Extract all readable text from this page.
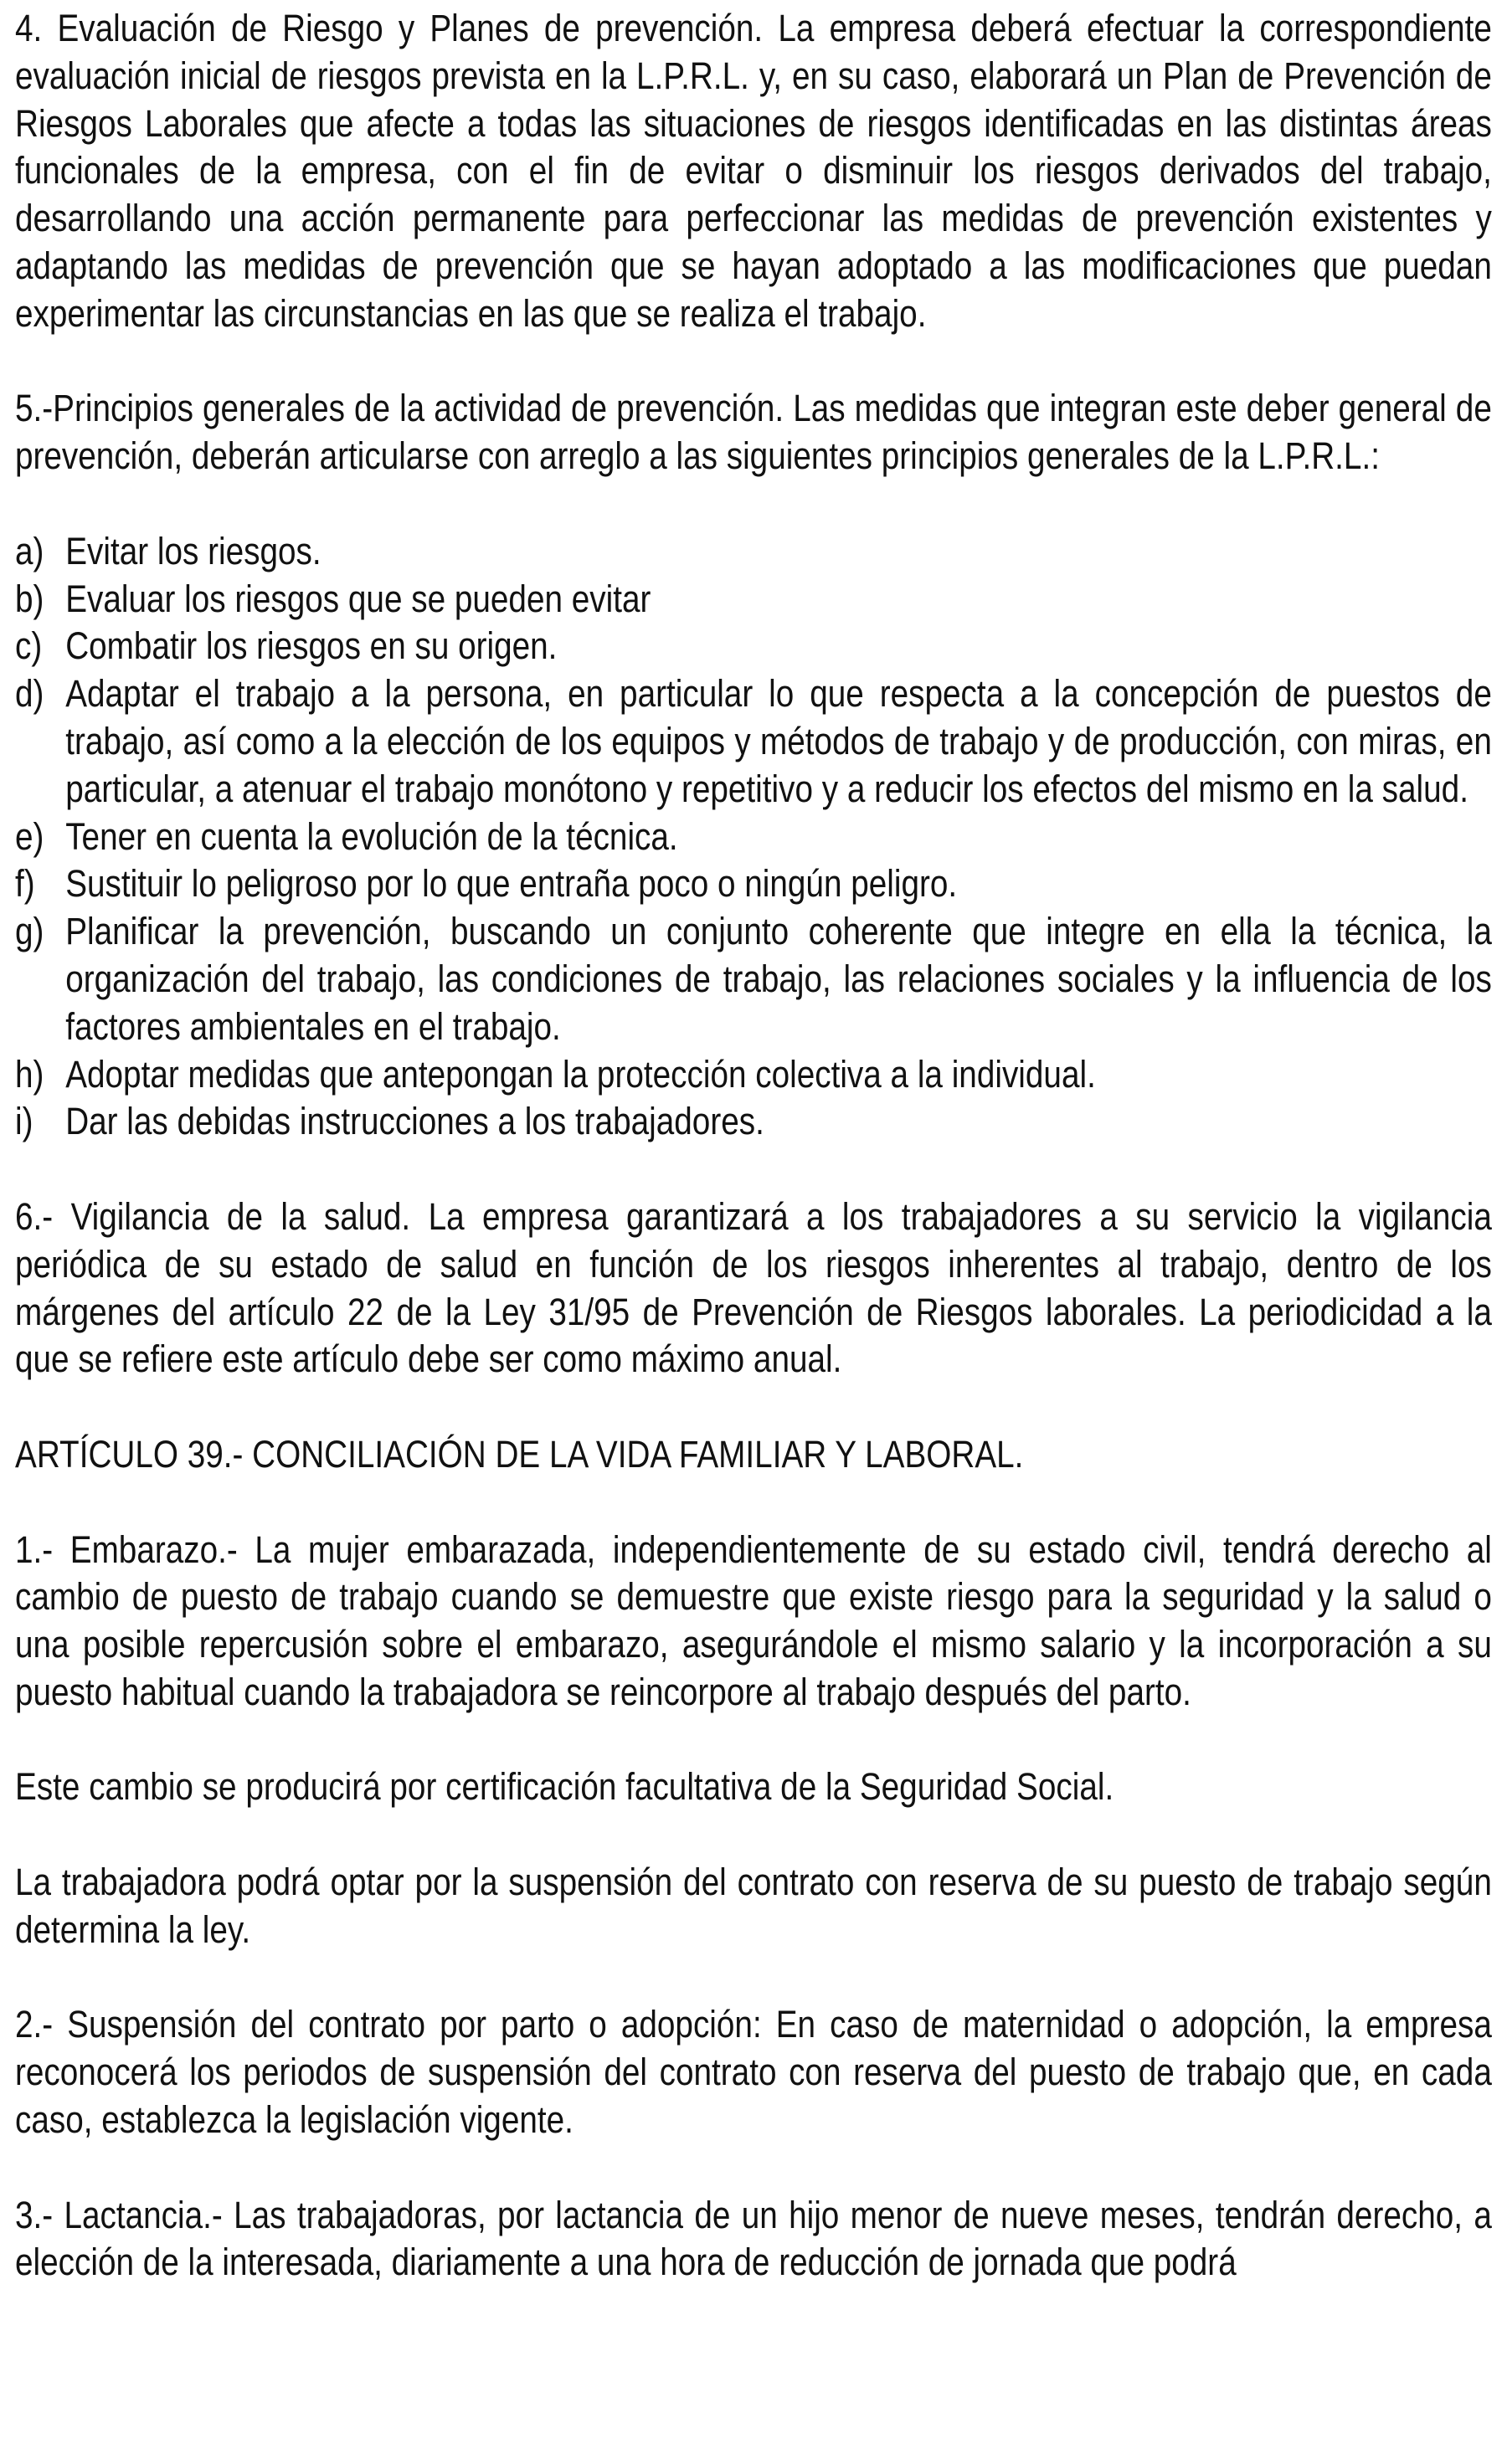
4. Evaluación de Riesgo y Planes de prevención. La empresa deberá efectuar la correspondiente evaluación inicial de riesgos prevista en la L.P.R.L. y, en su caso, elaborará un Plan de Prevención de Riesgos Laborales que afecte a todas las situaciones de riesgos identificadas en las distintas áreas funcionales de la empresa, con el fin de evitar o disminuir los riesgos derivados del trabajo, desarrollando una acción permanente para perfeccionar las medidas de prevención existentes y adaptando las medidas de prevención que se hayan adoptado a las modificaciones que puedan experimentar las circunstancias en las que se realiza el trabajo.

5.-Principios generales de la actividad de prevención. Las medidas que integran este deber general de prevención, deberán articularse con arreglo a las siguientes principios generales de la L.P.R.L.:

a) Evitar los riesgos.
b) Evaluar los riesgos que se pueden evitar
c) Combatir los riesgos en su origen.
d) Adaptar el trabajo a la persona, en particular lo que respecta a la concepción de puestos de trabajo, así como a la elección de los equipos y métodos de trabajo y de producción, con miras, en particular, a atenuar el trabajo monótono y repetitivo y a reducir los efectos del mismo en la salud.
e) Tener en cuenta la evolución de la técnica.
f) Sustituir lo peligroso por lo que entraña poco o ningún peligro.
g) Planificar la prevención, buscando un conjunto coherente que integre en ella la técnica, la organización del trabajo, las condiciones de trabajo, las relaciones sociales y la influencia de los factores ambientales en el trabajo.
h) Adoptar medidas que antepongan la protección colectiva a la individual.
i) Dar las debidas instrucciones a los trabajadores.

6.- Vigilancia de la salud. La empresa garantizará a los trabajadores a su servicio la vigilancia periódica de su estado de salud en función de los riesgos inherentes al trabajo, dentro de los márgenes del artículo 22 de la Ley 31/95 de Prevención de Riesgos laborales. La periodicidad a la que se refiere este artículo debe ser como máximo anual.

ARTÍCULO 39.- CONCILIACIÓN DE LA VIDA FAMILIAR Y LABORAL.

1.- Embarazo.- La mujer embarazada, independientemente de su estado civil, tendrá derecho al cambio de puesto de trabajo cuando se demuestre que existe riesgo para la seguridad y la salud o una posible repercusión sobre el embarazo, asegurándole el mismo salario y la incorporación a su puesto habitual cuando la trabajadora se reincorpore al trabajo después del parto.

Este cambio se producirá por certificación facultativa de la Seguridad Social.

La trabajadora podrá optar por la suspensión del contrato con reserva de su puesto de trabajo según determina la ley.

2.- Suspensión del contrato por parto o adopción: En caso de maternidad o adopción, la empresa reconocerá los periodos de suspensión del contrato con reserva del puesto de trabajo que, en cada caso, establezca la legislación vigente.

3.- Lactancia.- Las trabajadoras, por lactancia de un hijo menor de nueve meses, tendrán derecho, a elección de la interesada, diariamente a una hora de reducción de jornada que podrá
